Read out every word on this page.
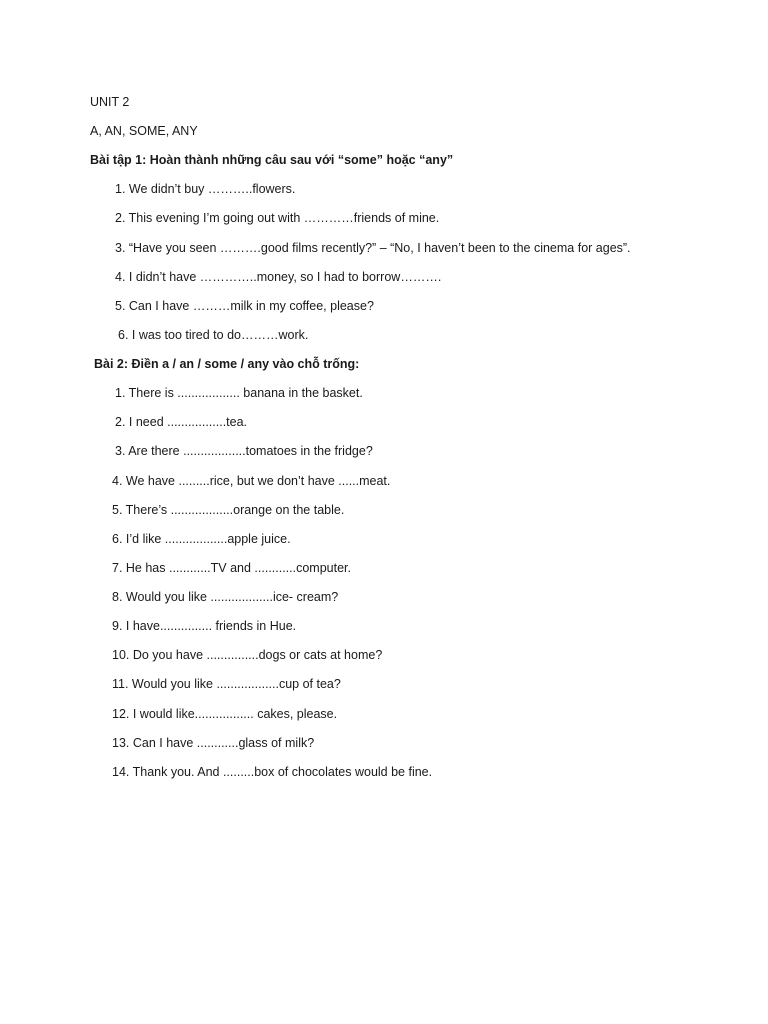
UNIT 2
A, AN, SOME, ANY
Bài tập 1: Hoàn thành những câu sau với “some” hoặc “any”
1. We didn’t buy ………..flowers.
2. This evening I’m going out with …………friends of mine.
3. “Have you seen ……….good films recently?” – “No, I haven’t been to the cinema for ages”.
4. I didn’t have …………..money, so I had to borrow……….
5. Can I have ………milk in my coffee, please?
6. I was too tired to do………work.
Bài 2: Điền a / an / some / any vào chỗ trống:
1. There is .................. banana in the basket.
2. I need .................tea.
3. Are there ..................tomatoes in the fridge?
4. We have .........rice, but we don’t have ......meat.
5. There’s ..................orange on the table.
6. I’d like ..................apple juice.
7. He has ............TV and ............computer.
8. Would you like ..................ice- cream?
9. I have............... friends in Hue.
10. Do you have ...............dogs or cats at home?
11. Would you like ..................cup of tea?
12. I would like................. cakes, please.
13. Can I have ............glass of milk?
14. Thank you. And .........box of chocolates would be fine.
